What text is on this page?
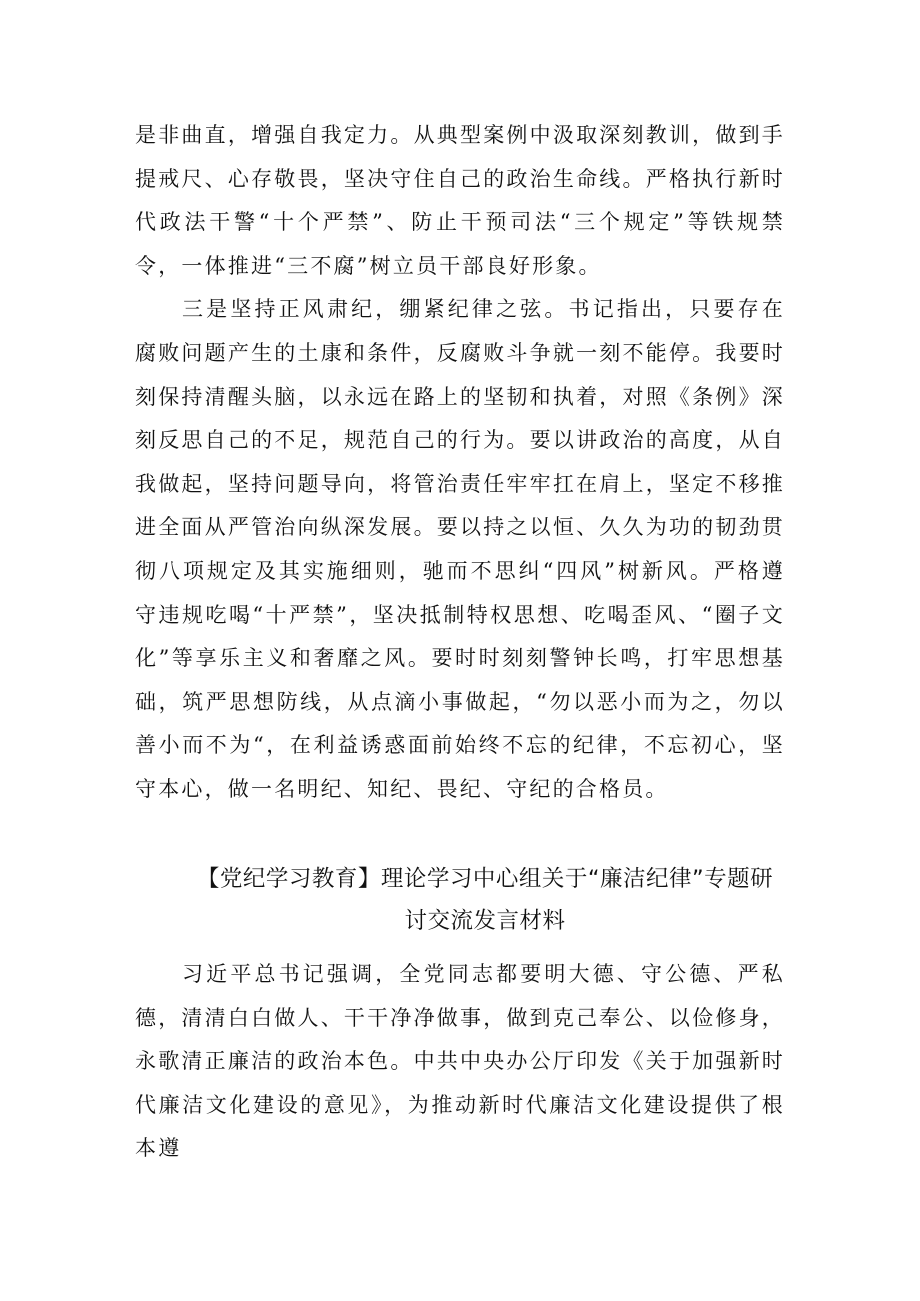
是非曲直，增强自我定力。从典型案例中汲取深刻教训，做到手提戒尺、心存敬畏，坚决守住自己的政治生命线。严格执行新时代政法干警“十个严禁”、防止干预司法“三个规定”等铁规禁令，一体推进“三不腐”树立员干部良好形象。

三是坚持正风肃纪，绷紧纪律之弦。书记指出，只要存在腐败问题产生的土康和条件，反腐败斗争就一刻不能停。我要时刻保持清醒头脑，以永远在路上的坚韧和执着，对照《条例》深刻反思自己的不足，规范自己的行为。要以讲政治的高度，从自我做起，坚持问题导向，将管治责任牢牢扛在肩上，坚定不移推进全面从严管治向纵深发展。要以持之以恒、久久为功的韧劲贯彻八项规定及其实施细则，驰而不思纠“四风”树新风。严格遵守违规吃喝“十严禁”，坚决抵制特权思想、吃喝歪风、“圈子文化”等享乐主义和奢靡之风。要时时刻刻警钟长鸣，打牢思想基础，筑严思想防线，从点滴小事做起，“勿以恶小而为之，勿以善小而不为“，在利益诱惑面前始终不忘的纪律，不忘初心，坚守本心，做一名明纪、知纪、畏纪、守纪的合格员。

【党纪学习教育】理论学习中心组关于“廉洁纪律”专题研
讨交流发言材料

习近平总书记强调，全党同志都要明大德、守公德、严私德，清清白白做人、干干净净做事，做到克己奉公、以俭修身，永歌清正廉洁的政治本色。中共中央办公厅印发《关于加强新时代廉洁文化建设的意见》，为推动新时代廉洁文化建设提供了根本遵
